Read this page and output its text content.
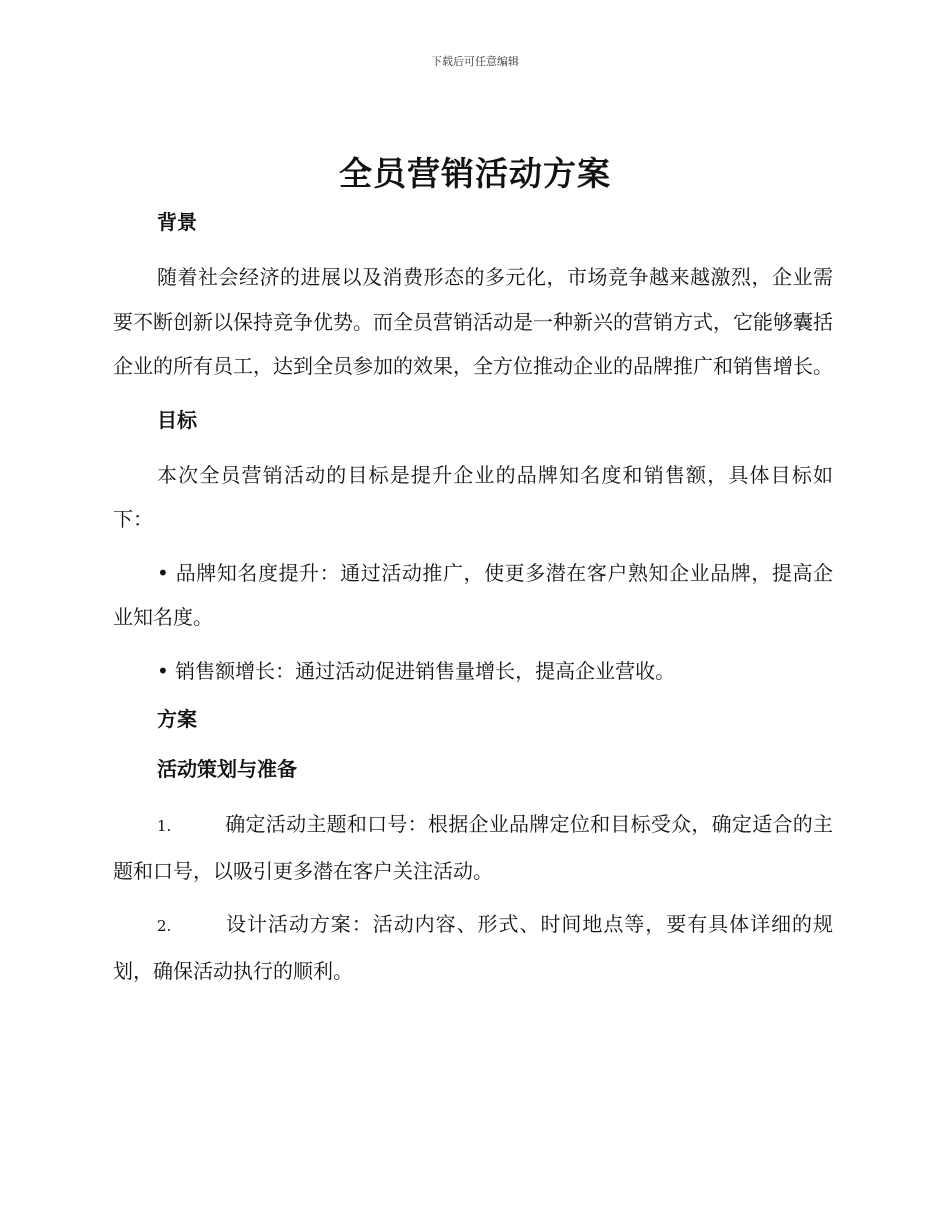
下载后可任意编辑
全员营销活动方案

背景

随着社会经济的进展以及消费形态的多元化，市场竞争越来越激烈，企业需要不断创新以保持竞争优势。而全员营销活动是一种新兴的营销方式，它能够囊括企业的所有员工，达到全员参加的效果，全方位推动企业的品牌推广和销售增长。

目标

本次全员营销活动的目标是提升企业的品牌知名度和销售额，具体目标如下：

• 品牌知名度提升：通过活动推广，使更多潜在客户熟知企业品牌，提高企业知名度。

• 销售额增长：通过活动促进销售量增长，提高企业营收。

方案

活动策划与准备

1.	确定活动主题和口号：根据企业品牌定位和目标受众，确定适合的主题和口号，以吸引更多潜在客户关注活动。

2.	设计活动方案：活动内容、形式、时间地点等，要有具体详细的规划，确保活动执行的顺利。
